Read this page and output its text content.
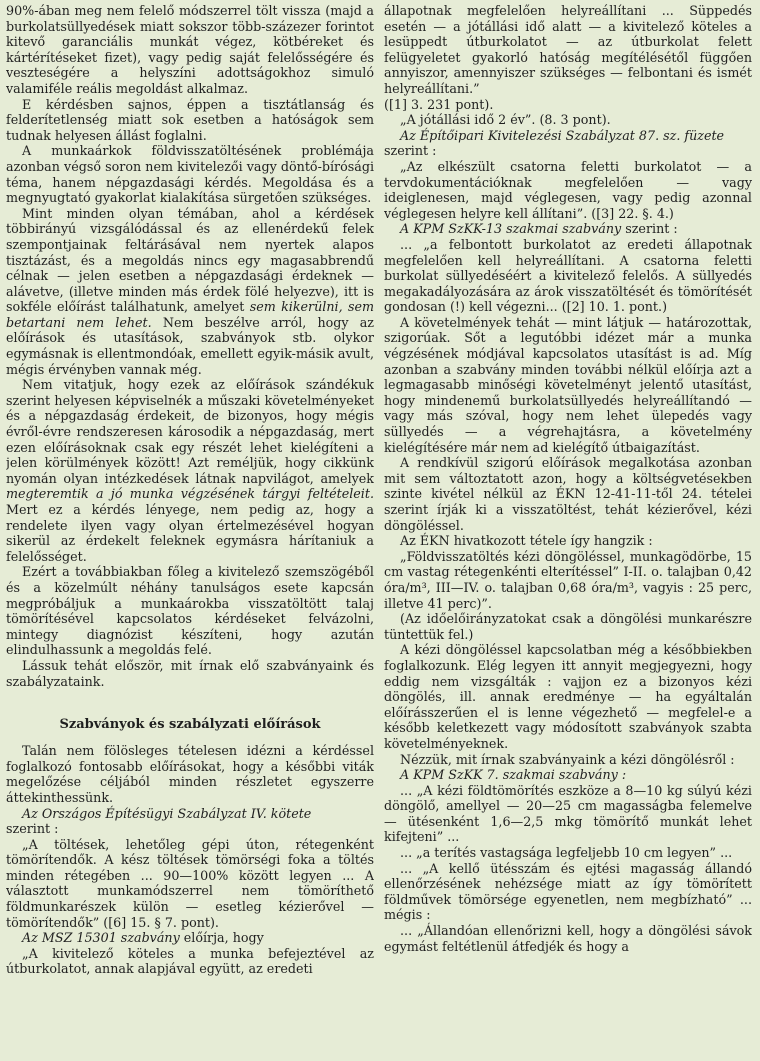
90%-ában meg nem felelő módszerrel tölt vissza (majd a burkolatsüllyedések miatt sokszor több-százezer forintot kitevő garanciális munkát végez, kötbéreket és kártérítéseket fizet), vagy pedig saját felelősségére és veszteségére a helyszíni adottságokhoz simuló valamiféle reális megoldást alkalmaz.

E kérdésben sajnos, éppen a tisztátlanság és felderítetlenség miatt sok esetben a hatóságok sem tudnak helyesen állást foglalni.

A munkaárkok földvisszatöltésének problémája azonban végső soron nem kivitelezői vagy döntő-bírósági téma, hanem népgazdasági kérdés. Megoldása és a megnyugtató gyakorlat kialakítása sürgetően szükséges.

Mint minden olyan témában, ahol a kérdések többirányú vizsgálódással és az ellenérdekű felek szempontjainak feltárásával nem nyertek alapos tisztázást, és a megoldás nincs egy magasabbrendű célnak — jelen esetben a népgazdasági érdeknek — alávetve, (illetve minden más érdek fölé helyezve), itt is sokféle előírást találhatunk, amelyet sem kikerülni, sem betartani nem lehet. Nem beszélve arról, hogy az előírások és utasítások, szabványok stb. olykor egymásnak is ellentmondóak, emellett egyik-másik avult, mégis érvényben vannak még.

Nem vitatjuk, hogy ezek az előírások szándékuk szerint helyesen képviselnék a műszaki követelményeket és a népgazdaság érdekeit, de bizonyos, hogy mégis évről-évre rendszeresen károsodik a népgazdaság, mert ezen előírásoknak csak egy részét lehet kielégíteni a jelen körülmények között! Azt reméljük, hogy cikkünk nyomán olyan intézkedések látnak napvilágot, amelyek megteremtik a jó munka végzésének tárgyi feltételeit. Mert ez a kérdés lényege, nem pedig az, hogy a rendelete ilyen vagy olyan értelmezésével hogyan sikerül az érdekelt feleknek egymásra hárítaniuk a felelősséget.

Ezért a továbbiakban főleg a kivitelező szemszögéből és a közelmúlt néhány tanulságos esete kapcsán megpróbáljuk a munkaárokba visszatöltött talaj tömörítésével kapcsolatos kérdéseket felvázolni, mintegy diagnózist készíteni, hogy azután elindulhassunk a megoldás felé.

Lássuk tehát először, mit írnak elő szabványaink és szabályzataink.

Szabványok és szabályzati előírások

Talán nem fölösleges tételesen idézni a kérdéssel foglalkozó fontosabb előírásokat, hogy a későbbi viták megelőzése céljából minden részletet egyszerre áttekinthessünk.

Az Országos Építésügyi Szabályzat IV. kötete

szerint :

„A töltések, lehetőleg gépi úton, rétegenként tömörítendők. A kész töltések tömörségi foka a töltés minden rétegében ... 90—100% között legyen ... A választott munkamódszerrel nem tömöríthető földmunkarészek külön — esetleg kézierővel — tömörítendők” ([6] 15. § 7. pont).

Az MSZ 15301 szabvány előírja, hogy

„A kivitelező köteles a munka befejeztével az útburkolatot, annak alapjával együtt, az eredeti

állapotnak megfelelően helyreállítani ... Süppedés esetén — a jótállási idő alatt — a kivitelező köteles a lesüppedt útburkolatot — az útburkolat felett felügyeletet gyakorló hatóság megítélésétől függően annyiszor, amennyiszer szükséges — felbontani és ismét helyreállítani.”

([1] 3. 231 pont).

„A jótállási idő 2 év”. (8. 3 pont).

Az Építőipari Kivitelezési Szabályzat 87. sz. füzete

szerint :

„Az elkészült csatorna feletti burkolatot — a tervdokumentációknak megfelelően — vagy ideiglenesen, majd véglegesen, vagy pedig azonnal véglegesen helyre kell állítani”. ([3] 22. §. 4.)

A KPM SzKK-13 szakmai szabvány szerint :

... „a felbontott burkolatot az eredeti állapotnak megfelelően kell helyreállítani. A csatorna feletti burkolat süllyedéséért a kivitelező felelős. A süllyedés megakadályozására az árok visszatöltését és tömörítését gondosan (!) kell végezni... ([2] 10. 1. pont.)

A követelmények tehát — mint látjuk — határozottak, szigorúak. Sőt a legutóbbi idézet már a munka végzésének módjával kapcsolatos utasítást is ad. Míg azonban a szabvány minden további nélkül előírja azt a legmagasabb minőségi követelményt jelentő utasítást, hogy mindenemű burkolatsüllyedés helyreállítandó — vagy más szóval, hogy nem lehet ülepedés vagy süllyedés — a végrehajtásra, a követelmény kielégítésére már nem ad kielégítő útbaigazítást.

A rendkívül szigorú előírások megalkotása azonban mit sem változtatott azon, hogy a költségvetésekben szinte kivétel nélkül az ÉKN 12-41-11-től 24. tételei szerint írják ki a visszatöltést, tehát kézierővel, kézi döngöléssel.

Az ÉKN hivatkozott tétele így hangzik :

„Földvisszatöltés kézi döngöléssel, munkagödörbe, 15 cm vastag rétegenkénti elterítéssel” I-II. o. talajban 0,42 óra/m³, III—IV. o. talajban 0,68 óra/m³, vagyis : 25 perc, illetve 41 perc)”.

(Az időelőirányzatokat csak a döngölési munkarészre tüntettük fel.)

A kézi döngöléssel kapcsolatban még a későbbiekben foglalkozunk. Elég legyen itt annyit megjegyezni, hogy eddig nem vizsgálták : vajjon ez a bizonyos kézi döngölés, ill. annak eredménye — ha egyáltalán előírásszerűen el is lenne végezhető — megfelel-e a később keletkezett vagy módosított szabványok szabta követelményeknek.

Nézzük, mit írnak szabványaink a kézi döngölésről :

A KPM SzKK 7. szakmai szabvány :

... „A kézi földtömörítés eszköze a 8—10 kg súlyú kézi döngölő, amellyel — 20—25 cm magasságba felemelve — ütésenként 1,6—2,5 mkg tömörítő munkát lehet kifejteni” ...

... „a terítés vastagsága legfeljebb 10 cm legyen” ...

... „A kellő ütésszám és ejtési magasság állandó ellenőrzésének nehézsége miatt az így tömörített földművek tömörsége egyenetlen, nem megbízható” ... mégis :

... „Állandóan ellenőrizni kell, hogy a döngölési sávok egymást feltétlenül átfedjék és hogy a
